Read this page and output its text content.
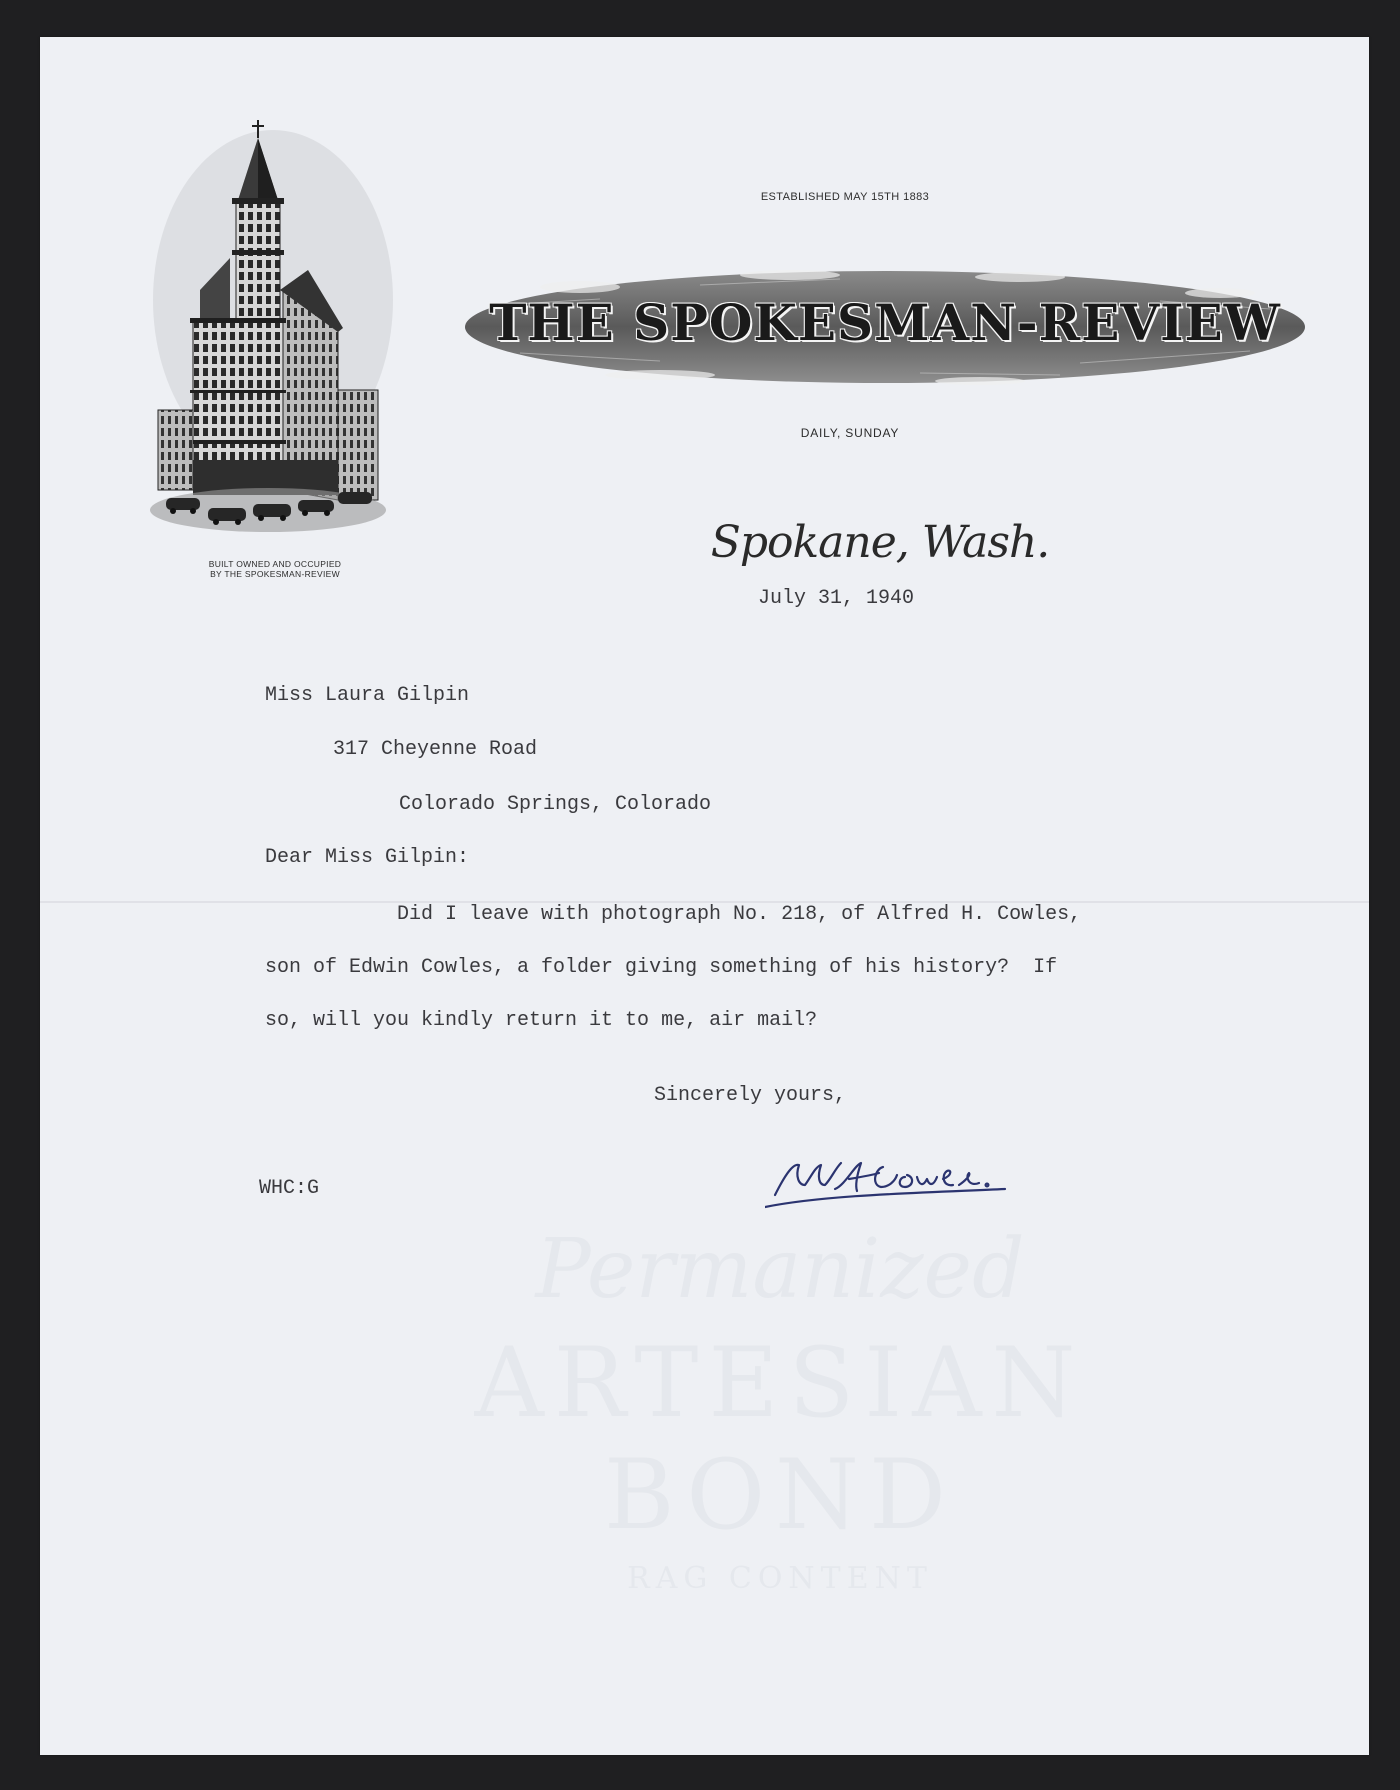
Permanized
ARTESIAN BOND
RAG CONTENT
BUILT OWNED AND OCCUPIED
BY THE SPOKESMAN-REVIEW
ESTABLISHED MAY 15TH 1883
THE SPOKESMAN-REVIEW
DAILY, SUNDAY
Spokane, Wash.
July 31, 1940
Miss Laura Gilpin
317 Cheyenne Road
Colorado Springs, Colorado
Dear Miss Gilpin:
Did I leave with photograph No. 218, of Alfred H. Cowles,
son of Edwin Cowles, a folder giving something of his history?  If
so, will you kindly return it to me, air mail?
Sincerely yours,
WHC:G
